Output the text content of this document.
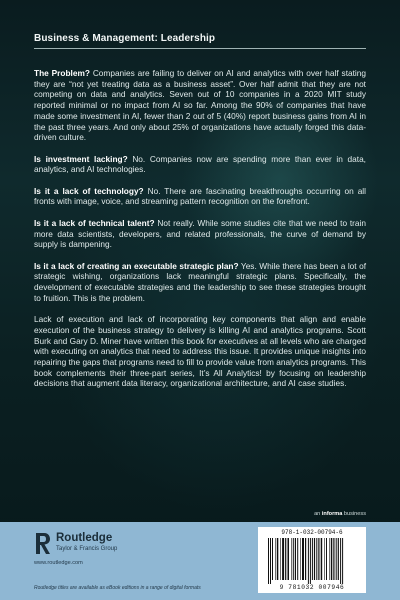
Business & Management: Leadership

The Problem? Companies are failing to deliver on AI and analytics with over half stating they are “not yet treating data as a business asset”. Over half admit that they are not competing on data and analytics. Seven out of 10 companies in a 2020 MIT study reported minimal or no impact from AI so far. Among the 90% of companies that have made some investment in AI, fewer than 2 out of 5 (40%) report business gains from AI in the past three years. And only about 25% of organizations have actually forged this data-driven culture.

Is investment lacking? No. Companies now are spending more than ever in data, analytics, and AI technologies.

Is it a lack of technology? No. There are fascinating breakthroughs occurring on all fronts with image, voice, and streaming pattern recognition on the forefront.

Is it a lack of technical talent? Not really. While some studies cite that we need to train more data scientists, developers, and related professionals, the curve of demand by supply is dampening.

Is it a lack of creating an executable strategic plan? Yes. While there has been a lot of strategic wishing, organizations lack meaningful strategic plans. Specifically, the development of executable strategies and the leadership to see these strategies brought to fruition. This is the problem.

Lack of execution and lack of incorporating key components that align and enable execution of the business strategy to delivery is killing AI and analytics programs. Scott Burk and Gary D. Miner have written this book for executives at all levels who are charged with executing on analytics that need to address this issue. It provides unique insights into repairing the gaps that programs need to fill to provide value from analytics programs. This book complements their three-part series, It’s All Analytics! by focusing on leadership decisions that augment data literacy, organizational architecture, and AI case studies.

an informa business
Routledge
Taylor & Francis Group
www.routledge.com
Routledge titles are available as eBook editions in a range of digital formats
978-1-032-00794-6
9 781032 007946
